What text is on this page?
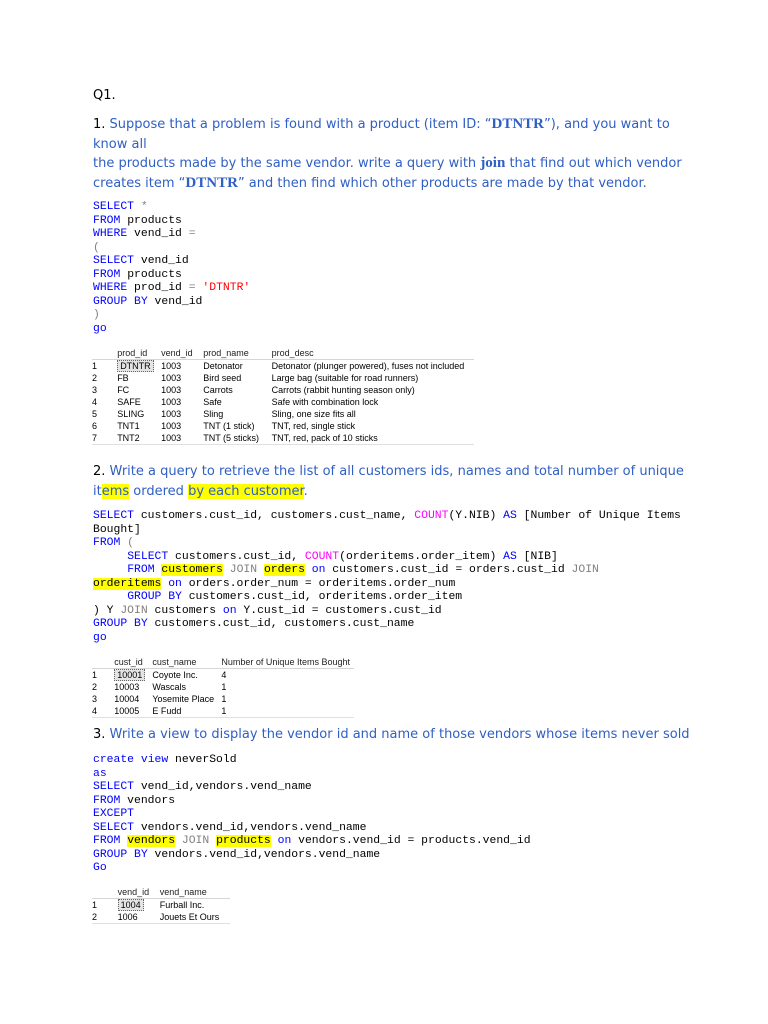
Q1.
1. Suppose that a problem is found with a product (item ID: “DTNTR”), and you want to
know all
the products made by the same vendor. write a query with join that find out which vendor
creates item “DTNTR” and then find which other products are made by that vendor.
SELECT *
FROM products
WHERE vend_id =
(
SELECT vend_id
FROM products
WHERE prod_id = 'DTNTR'
GROUP BY vend_id
)
go
	prod_id	vend_id	prod_name	prod_desc
1	DTNTR	1003	Detonator	Detonator (plunger powered), fuses not included
2	FB	1003	Bird seed	Large bag (suitable for road runners)
3	FC	1003	Carrots	Carrots (rabbit hunting season only)
4	SAFE	1003	Safe	Safe with combination lock
5	SLING	1003	Sling	Sling, one size fits all
6	TNT1	1003	TNT (1 stick)	TNT, red, single stick
7	TNT2	1003	TNT (5 sticks)	TNT, red, pack of 10 sticks
2. Write a query to retrieve the list of all customers ids, names and total number of unique
items ordered by each customer.
SELECT customers.cust_id, customers.cust_name, COUNT(Y.NIB) AS [Number of Unique Items
Bought]
FROM (
SELECT customers.cust_id, COUNT(orderitems.order_item) AS [NIB]
FROM customers JOIN orders on customers.cust_id = orders.cust_id JOIN
orderitems on orders.order_num = orderitems.order_num
GROUP BY customers.cust_id, orderitems.order_item
) Y JOIN customers on Y.cust_id = customers.cust_id
GROUP BY customers.cust_id, customers.cust_name
go
	cust_id	cust_name	Number of Unique Items Bought
1	10001	Coyote Inc.	4
2	10003	Wascals	1
3	10004	Yosemite Place	1
4	10005	E Fudd	1
3. Write a view to display the vendor id and name of those vendors whose items never sold
create view neverSold
as
SELECT vend_id,vendors.vend_name
FROM vendors
EXCEPT
SELECT vendors.vend_id,vendors.vend_name
FROM vendors JOIN products on vendors.vend_id = products.vend_id
GROUP BY vendors.vend_id,vendors.vend_name
Go
	vend_id	vend_name
1	1004	Furball Inc.
2	1006	Jouets Et Ours
